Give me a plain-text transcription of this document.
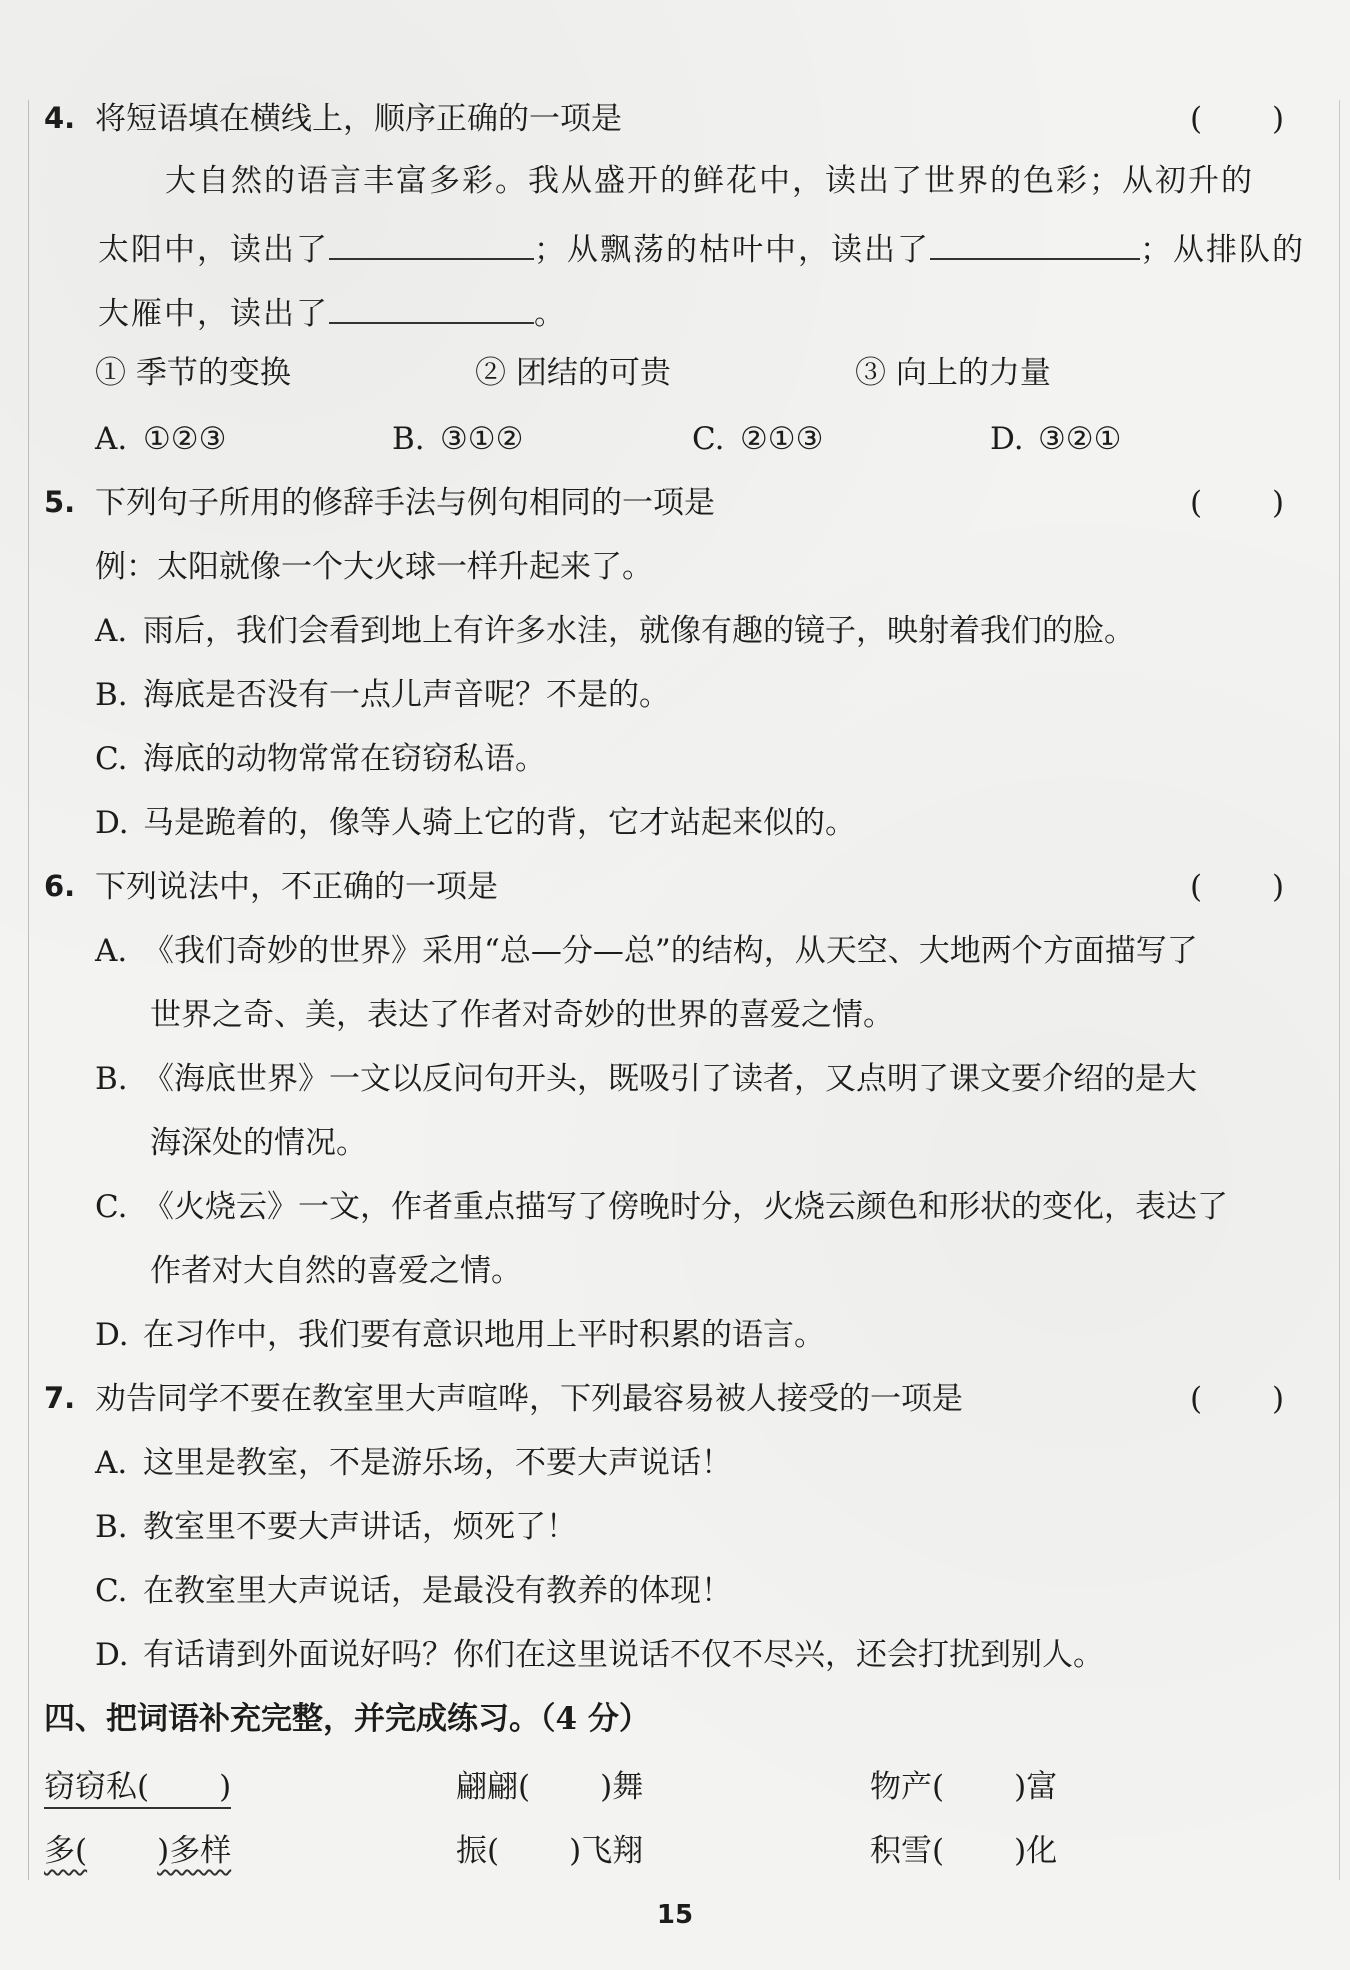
4. 将短语填在横线上，顺序正确的一项是	( )
大自然的语言丰富多彩。我从盛开的鲜花中，读出了世界的色彩；从初升的
太阳中，读出了	；从飘荡的枯叶中，读出了	；从排队的
大雁中，读出了	。
① 季节的变换	② 团结的可贵	③ 向上的力量
A. ①②③	B. ③①②	C. ②①③	D. ③②①
5. 下列句子所用的修辞手法与例句相同的一项是	( )
例：太阳就像一个大火球一样升起来了。
A. 雨后，我们会看到地上有许多水洼，就像有趣的镜子，映射着我们的脸。
B. 海底是否没有一点儿声音呢？不是的。
C. 海底的动物常常在窃窃私语。
D. 马是跪着的，像等人骑上它的背，它才站起来似的。
6. 下列说法中，不正确的一项是	( )
A. 《我们奇妙的世界》采用“总—分—总”的结构，从天空、大地两个方面描写了
世界之奇、美，表达了作者对奇妙的世界的喜爱之情。
B. 《海底世界》一文以反问句开头，既吸引了读者，又点明了课文要介绍的是大
海深处的情况。
C. 《火烧云》一文，作者重点描写了傍晚时分，火烧云颜色和形状的变化，表达了
作者对大自然的喜爱之情。
D. 在习作中，我们要有意识地用上平时积累的语言。
7. 劝告同学不要在教室里大声喧哗，下列最容易被人接受的一项是	( )
A. 这里是教室，不是游乐场，不要大声说话！
B. 教室里不要大声讲话，烦死了！
C. 在教室里大声说话，是最没有教养的体现！
D. 有话请到外面说好吗？你们在这里说话不仅不尽兴，还会打扰到别人。
四、把词语补充完整，并完成练习。（4 分）
窃窃私( )	翩翩( )舞	物产( )富
多( )多样	振( )飞翔	积雪( )化
15
